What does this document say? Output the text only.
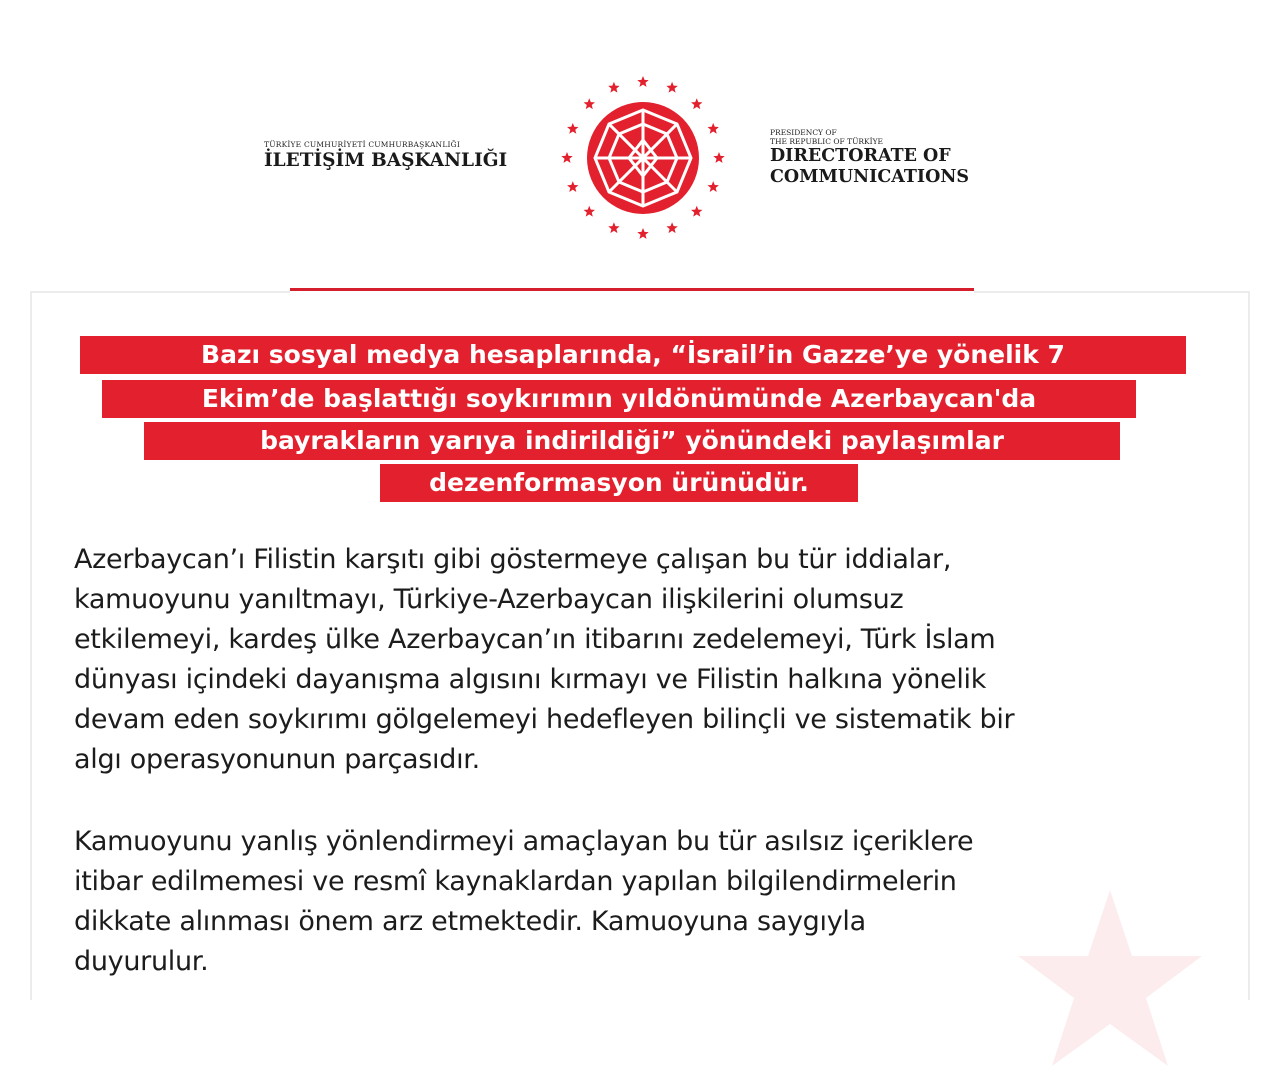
TÜRKİYE CUMHURİYETİ CUMHURBAŞKANLIĞI
İLETİŞİM BAŞKANLIĞI
PRESIDENCY OF
THE REPUBLIC OF TÜRKİYE
DIRECTORATE OF
COMMUNICATIONS
Bazı sosyal medya hesaplarında, “İsrail’in Gazze’ye yönelik 7
Ekim’de başlattığı soykırımın yıldönümünde Azerbaycan'da
bayrakların yarıya indirildiği” yönündeki paylaşımlar
dezenformasyon ürünüdür.
Azerbaycan’ı Filistin karşıtı gibi göstermeye çalışan bu tür iddialar,
kamuoyunu yanıltmayı, Türkiye-Azerbaycan ilişkilerini olumsuz
etkilemeyi, kardeş ülke Azerbaycan’ın itibarını zedelemeyi, Türk İslam
dünyası içindeki dayanışma algısını kırmayı ve Filistin halkına yönelik
devam eden soykırımı gölgelemeyi hedefleyen bilinçli ve sistematik bir
algı operasyonunun parçasıdır.
Kamuoyunu yanlış yönlendirmeyi amaçlayan bu tür asılsız içeriklere
itibar edilmemesi ve resmî kaynaklardan yapılan bilgilendirmelerin
dikkate alınması önem arz etmektedir. Kamuoyuna saygıyla
duyurulur.
